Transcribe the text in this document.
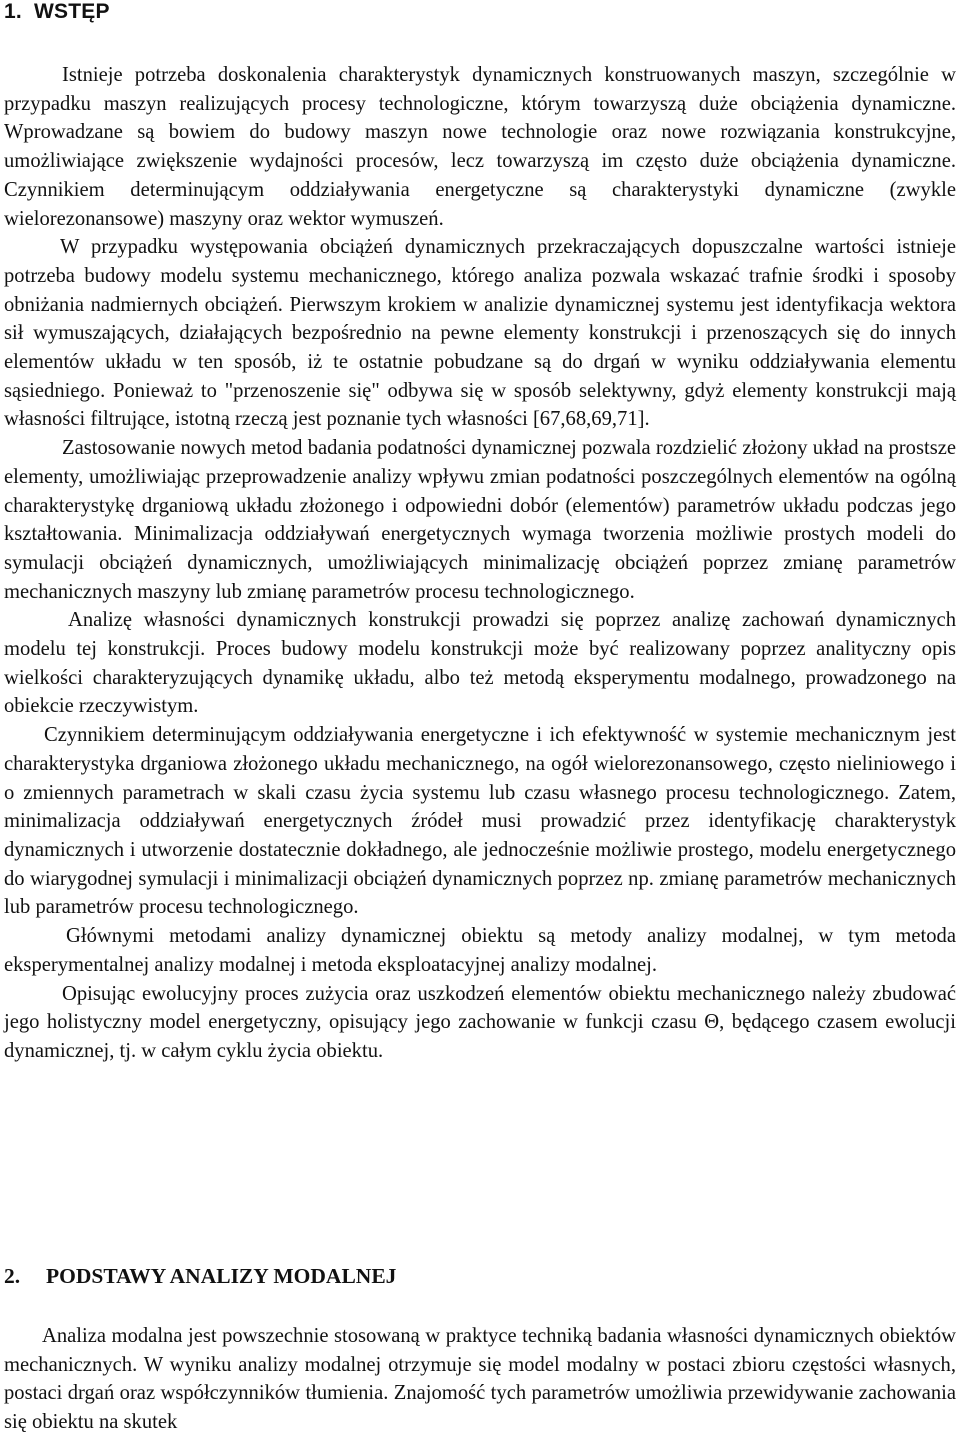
1. WSTĘP

Istnieje potrzeba doskonalenia charakterystyk dynamicznych konstruowanych maszyn, szczególnie w przypadku maszyn realizujących procesy technologiczne, którym towarzyszą duże obciążenia dynamiczne. Wprowadzane są bowiem do budowy maszyn nowe technologie oraz nowe rozwiązania konstrukcyjne, umożliwiające zwiększenie wydajności procesów, lecz towarzyszą im często duże obciążenia dynamiczne. Czynnikiem determinującym oddziaływania energetyczne są charakterystyki dynamiczne (zwykle wielorezonansowe) maszyny oraz wektor wymuszeń.

W przypadku występowania obciążeń dynamicznych przekraczających dopuszczalne wartości istnieje potrzeba budowy modelu systemu mechanicznego, którego analiza pozwala wskazać trafnie środki i sposoby obniżania nadmiernych obciążeń. Pierwszym krokiem w analizie dynamicznej systemu jest identyfikacja wektora sił wymuszających, działających bezpośrednio na pewne elementy konstrukcji i przenoszących się do innych elementów układu w ten sposób, iż te ostatnie pobudzane są do drgań w wyniku oddziaływania elementu sąsiedniego. Ponieważ to "przenoszenie się" odbywa się w sposób selektywny, gdyż elementy konstrukcji mają własności filtrujące, istotną rzeczą jest poznanie tych własności [67,68,69,71].

Zastosowanie nowych metod badania podatności dynamicznej pozwala rozdzielić złożony układ na prostsze elementy, umożliwiając przeprowadzenie analizy wpływu zmian podatności poszczególnych elementów na ogólną charakterystykę drganiową układu złożonego i odpowiedni dobór (elementów) parametrów układu podczas jego kształtowania. Minimalizacja oddziaływań energetycznych wymaga tworzenia możliwie prostych modeli do symulacji obciążeń dynamicznych, umożliwiających minimalizację obciążeń poprzez zmianę parametrów mechanicznych maszyny lub zmianę parametrów procesu technologicznego.

Analizę własności dynamicznych konstrukcji prowadzi się poprzez analizę zachowań dynamicznych modelu tej konstrukcji. Proces budowy modelu konstrukcji może być realizowany poprzez analityczny opis wielkości charakteryzujących dynamikę układu, albo też metodą eksperymentu modalnego, prowadzonego na obiekcie rzeczywistym.

Czynnikiem determinującym oddziaływania energetyczne i ich efektywność w systemie mechanicznym jest charakterystyka drganiowa złożonego układu mechanicznego, na ogół wielorezonansowego, często nieliniowego i o zmiennych parametrach w skali czasu życia systemu lub czasu własnego procesu technologicznego. Zatem, minimalizacja oddziaływań energetycznych źródeł musi prowadzić przez identyfikację charakterystyk dynamicznych i utworzenie dostatecznie dokładnego, ale jednocześnie możliwie prostego, modelu energetycznego do wiarygodnej symulacji i minimalizacji obciążeń dynamicznych poprzez np. zmianę parametrów mechanicznych lub parametrów procesu technologicznego.

Głównymi metodami analizy dynamicznej obiektu są metody analizy modalnej, w tym metoda eksperymentalnej analizy modalnej i metoda eksploatacyjnej analizy modalnej.

Opisując ewolucyjny proces zużycia oraz uszkodzeń elementów obiektu mechanicznego należy zbudować jego holistyczny model energetyczny, opisujący jego zachowanie w funkcji czasu Θ, będącego czasem ewolucji dynamicznej, tj. w całym cyklu życia obiektu.

2. PODSTAWY ANALIZY MODALNEJ

Analiza modalna jest powszechnie stosowaną w praktyce techniką badania własności dynamicznych obiektów mechanicznych. W wyniku analizy modalnej otrzymuje się model modalny w postaci zbioru częstości własnych, postaci drgań oraz współczynników tłumienia. Znajomość tych parametrów umożliwia przewidywanie zachowania się obiektu na skutek
